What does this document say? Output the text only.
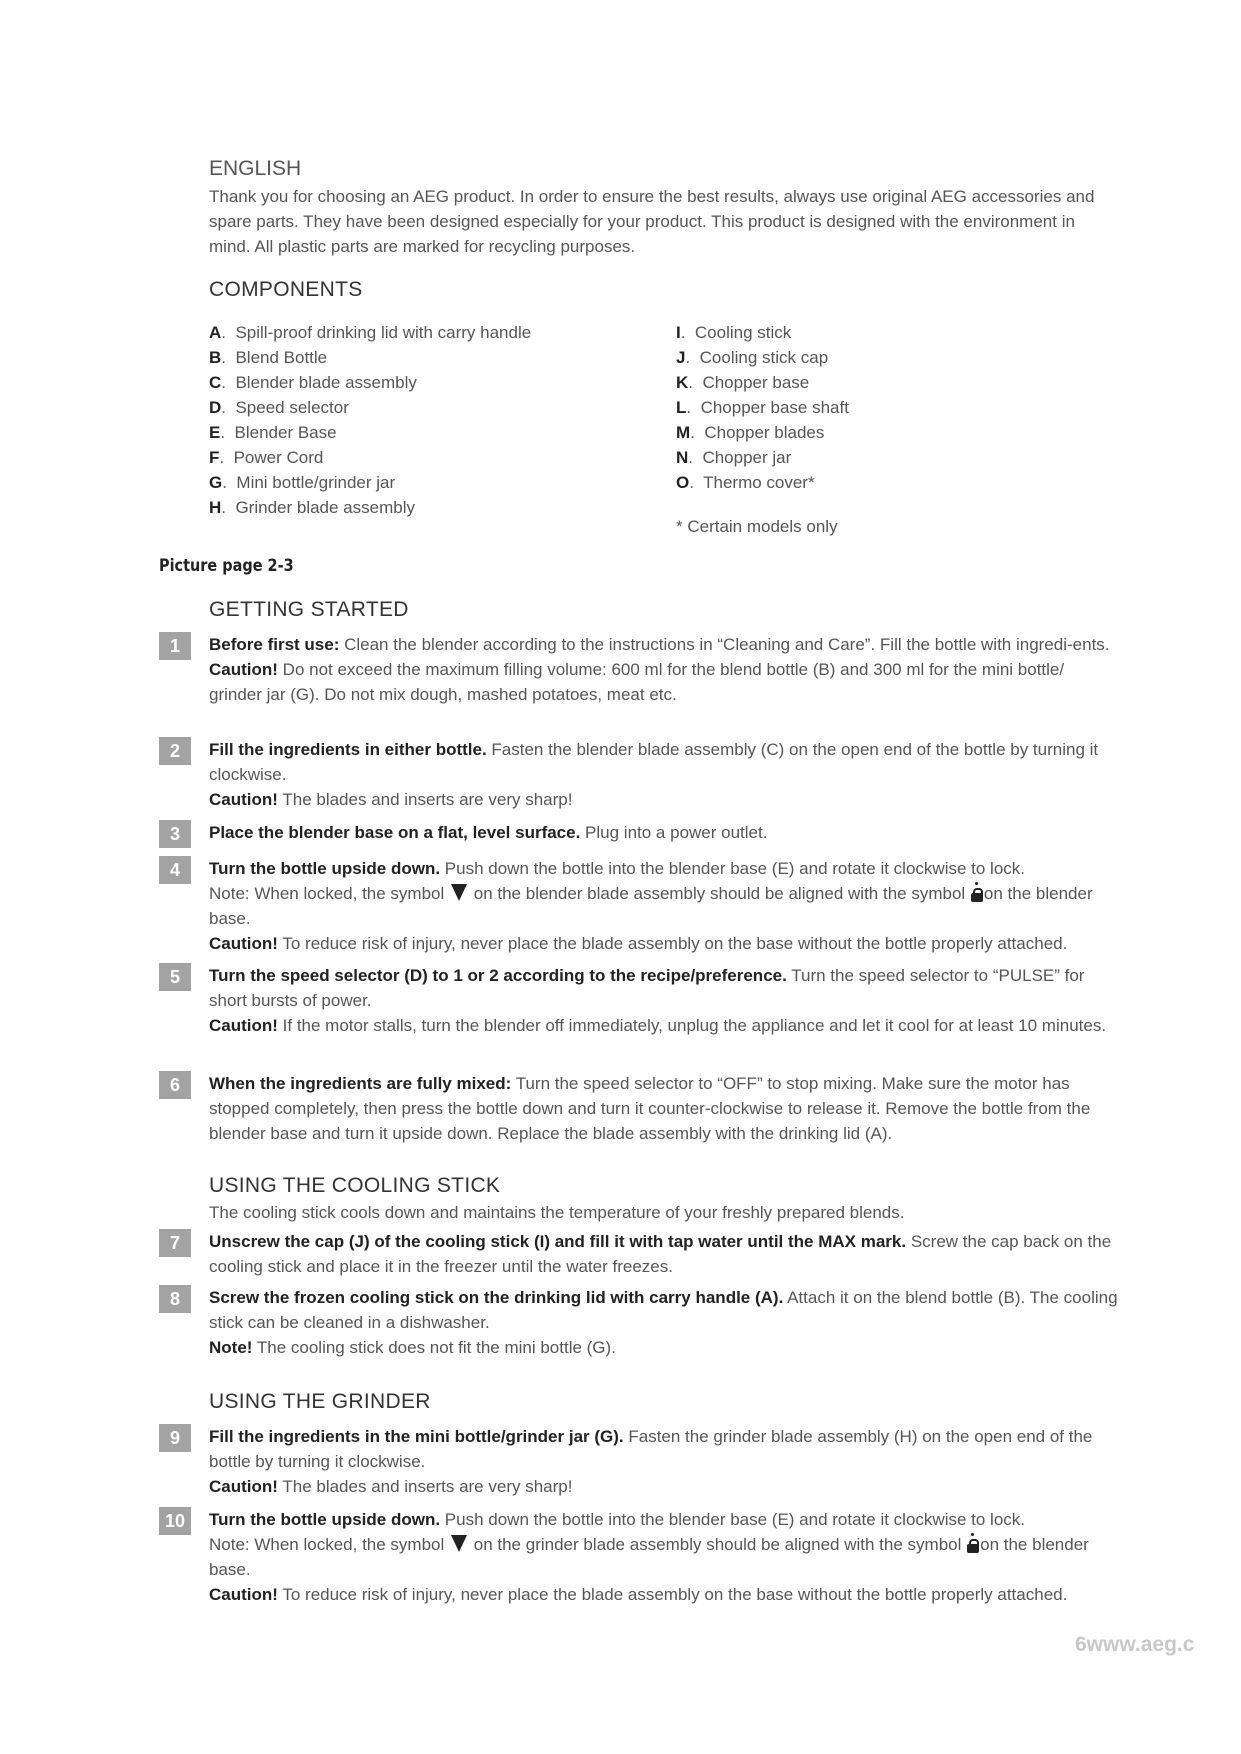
ENGLISH
Thank you for choosing an AEG product. In order to ensure the best results, always use original AEG accessories and spare parts. They have been designed especially for your product. This product is designed with the environment in mind. All plastic parts are marked for recycling purposes.
COMPONENTS
A.  Spill-proof drinking lid with carry handle
B.  Blend Bottle
C.  Blender blade assembly
D.  Speed selector
E.  Blender Base
F.  Power Cord
G.  Mini bottle/grinder jar
H.  Grinder blade assembly
I.  Cooling stick
J.  Cooling stick cap
K.  Chopper base
L.  Chopper base shaft
M.  Chopper blades
N.  Chopper jar
O.  Thermo cover*
* Certain models only
Picture page 2-3
GETTING STARTED
1	Before first use: Clean the blender according to the instructions in “Cleaning and Care”. Fill the bottle with ingredi-ents.

Caution! Do not exceed the maximum filling volume: 600 ml for the blend bottle (B) and 300 ml for the mini bottle/ grinder jar (G). Do not mix dough, mashed potatoes, meat etc.

2	Fill the ingredients in either bottle. Fasten the blender blade assembly (C) on the open end of the bottle by turning it clockwise.

Caution! The blades and inserts are very sharp!

3	Place the blender base on a flat, level surface. Plug into a power outlet.

4	Turn the bottle upside down. Push down the bottle into the blender base (E) and rotate it clockwise to lock.

Note: When locked, the symbol on the blender blade assembly should be aligned with the symbol on the blender base.

Caution! To reduce risk of injury, never place the blade assembly on the base without the bottle properly attached.

5	Turn the speed selector (D) to 1 or 2 according to the recipe/preference. Turn the speed selector to “PULSE” for short bursts of power.

Caution! If the motor stalls, turn the blender off immediately, unplug the appliance and let it cool for at least 10 minutes.

6	When the ingredients are fully mixed: Turn the speed selector to “OFF” to stop mixing. Make sure the motor has stopped completely, then press the bottle down and turn it counter-clockwise to release it. Remove the bottle from the blender base and turn it upside down. Replace the blade assembly with the drinking lid (A).

USING THE COOLING STICK
The cooling stick cools down and maintains the temperature of your freshly prepared blends.
7	Unscrew the cap (J) of the cooling stick (I) and fill it with tap water until the MAX mark. Screw the cap back on the cooling stick and place it in the freezer until the water freezes.

8	Screw the frozen cooling stick on the drinking lid with carry handle (A). Attach it on the blend bottle (B). The cooling stick can be cleaned in a dishwasher.

Note! The cooling stick does not fit the mini bottle (G).

USING THE GRINDER
9	Fill the ingredients in the mini bottle/grinder jar (G). Fasten the grinder blade assembly (H) on the open end of the bottle by turning it clockwise.

Caution! The blades and inserts are very sharp!

10	Turn the bottle upside down. Push down the bottle into the blender base (E) and rotate it clockwise to lock.

Note: When locked, the symbol on the grinder blade assembly should be aligned with the symbol on the blender base.

Caution! To reduce risk of injury, never place the blade assembly on the base without the bottle properly attached.

6www.aeg.c
